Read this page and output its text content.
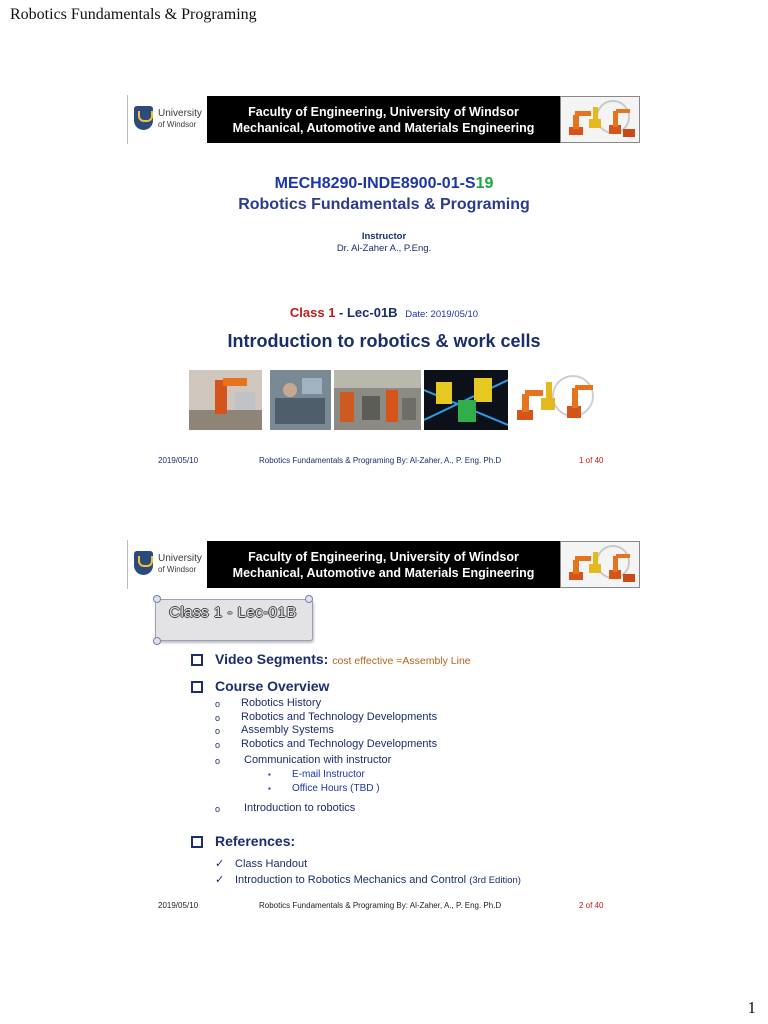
Robotics Fundamentals & Programing
University
of Windsor
Faculty of Engineering, University of Windsor
Mechanical, Automotive and Materials Engineering
MECH8290-INDE8900-01-S19
Robotics Fundamentals & Programing
Instructor
Dr. Al-Zaher A., P.Eng.
Class 1 - Lec-01B Date: 2019/05/10
Introduction to robotics & work cells
2019/05/10	Robotics Fundamentals & Programing By: Al-Zaher, A., P. Eng. Ph.D	1 of 40
University
of Windsor
Faculty of Engineering, University of Windsor
Mechanical, Automotive and Materials Engineering
Class 1 - Lec-01B
Video Segments: cost effective =Assembly Line
Course Overview
o Robotics History
o Robotics and Technology Developments
o Assembly Systems
o Robotics and Technology Developments
o Communication with instructor
▪ E-mail Instructor
▪ Office Hours (TBD )
o Introduction to robotics
References:
✓ Class Handout
✓ Introduction to Robotics Mechanics and Control (3rd Edition)
2019/05/10	Robotics Fundamentals & Programing By: Al-Zaher, A., P. Eng. Ph.D	2 of 40
1
